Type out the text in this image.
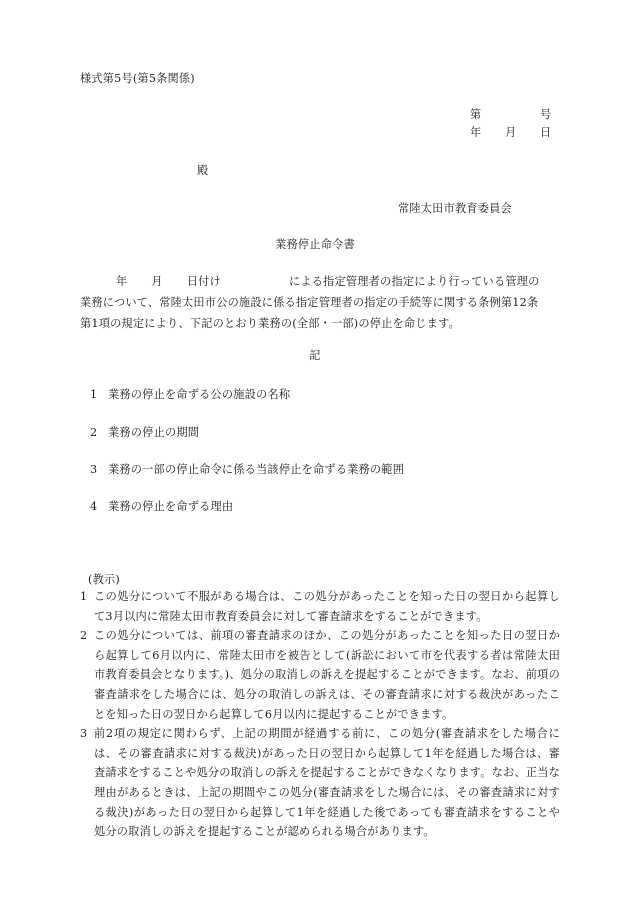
様式第5号(第5条関係)
第	号
年 月 日
殿
常陸太田市教育委員会
業務停止命令書
年 月 日付け	による指定管理者の指定により行っている管理の
業務について、常陸太田市公の施設に係る指定管理者の指定の手続等に関する条例第12条
第1項の規定により、下記のとおり業務の(全部・一部)の停止を命じます。
記
1 業務の停止を命ずる公の施設の名称
2 業務の停止の期間
3 業務の一部の停止命令に係る当該停止を命ずる業務の範囲
4 業務の停止を命ずる理由
(教示)
1 この処分について不服がある場合は、この処分があったことを知った日の翌日から起算して3月以内に常陸太田市教育委員会に対して審査請求をすることができます。
2 この処分については、前項の審査請求のほか、この処分があったことを知った日の翌日から起算して6月以内に、常陸太田市を被告として(訴訟において市を代表する者は常陸太田市教育委員会となります。)、処分の取消しの訴えを提起することができます。なお、前項の審査請求をした場合には、処分の取消しの訴えは、その審査請求に対する裁決があったことを知った日の翌日から起算して6月以内に提起することができます。
3 前2項の規定に関わらず、上記の期間が経過する前に、この処分(審査請求をした場合には、その審査請求に対する裁決)があった日の翌日から起算して1年を経過した場合は、審査請求をすることや処分の取消しの訴えを提起することができなくなります。なお、正当な理由があるときは、上記の期間やこの処分(審査請求をした場合には、その審査請求に対する裁決)があった日の翌日から起算して1年を経過した後であっても審査請求をすることや処分の取消しの訴えを提起することが認められる場合があります。
